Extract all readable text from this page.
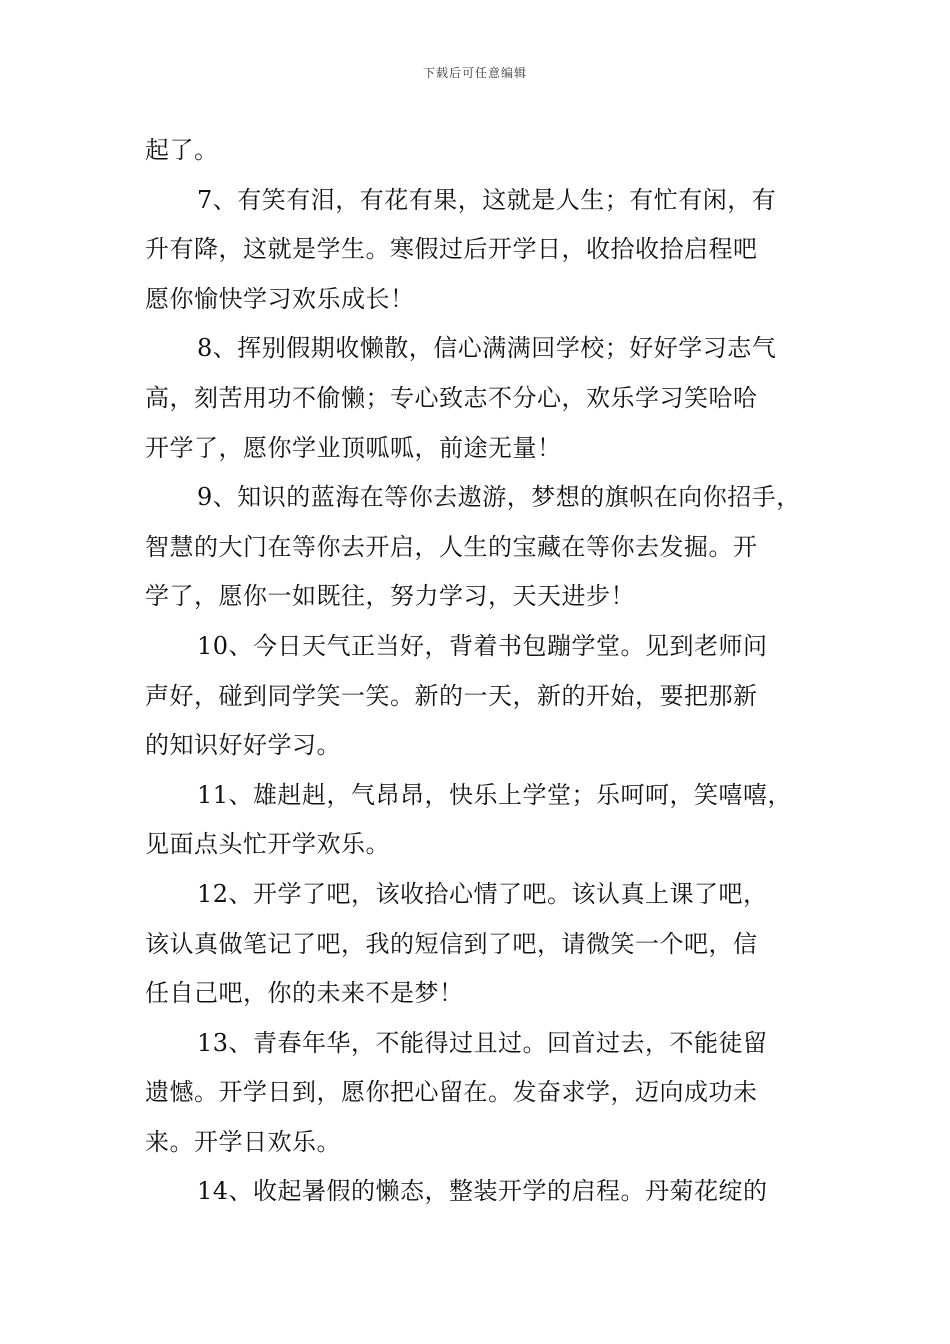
下载后可任意编辑
起了。
7、有笑有泪，有花有果，这就是人生；有忙有闲，有
升有降，这就是学生。寒假过后开学日，收拾收拾启程吧
愿你愉快学习欢乐成长！
8、挥别假期收懒散，信心满满回学校；好好学习志气
高，刻苦用功不偷懒；专心致志不分心，欢乐学习笑哈哈
开学了，愿你学业顶呱呱，前途无量！
9、知识的蓝海在等你去遨游，梦想的旗帜在向你招手，
智慧的大门在等你去开启，人生的宝藏在等你去发掘。开
学了，愿你一如既往，努力学习，天天进步！
10、今日天气正当好，背着书包蹦学堂。见到老师问
声好，碰到同学笑一笑。新的一天，新的开始，要把那新
的知识好好学习。
11、雄赳赳，气昂昂，快乐上学堂；乐呵呵，笑嘻嘻，
见面点头忙开学欢乐。
12、开学了吧，该收拾心情了吧。该认真上课了吧，
该认真做笔记了吧，我的短信到了吧，请微笑一个吧，信
任自己吧，你的未来不是梦！
13、青春年华，不能得过且过。回首过去，不能徒留
遗憾。开学日到，愿你把心留在。发奋求学，迈向成功未
来。开学日欢乐。
14、收起暑假的懒态，整装开学的启程。丹菊花绽的
